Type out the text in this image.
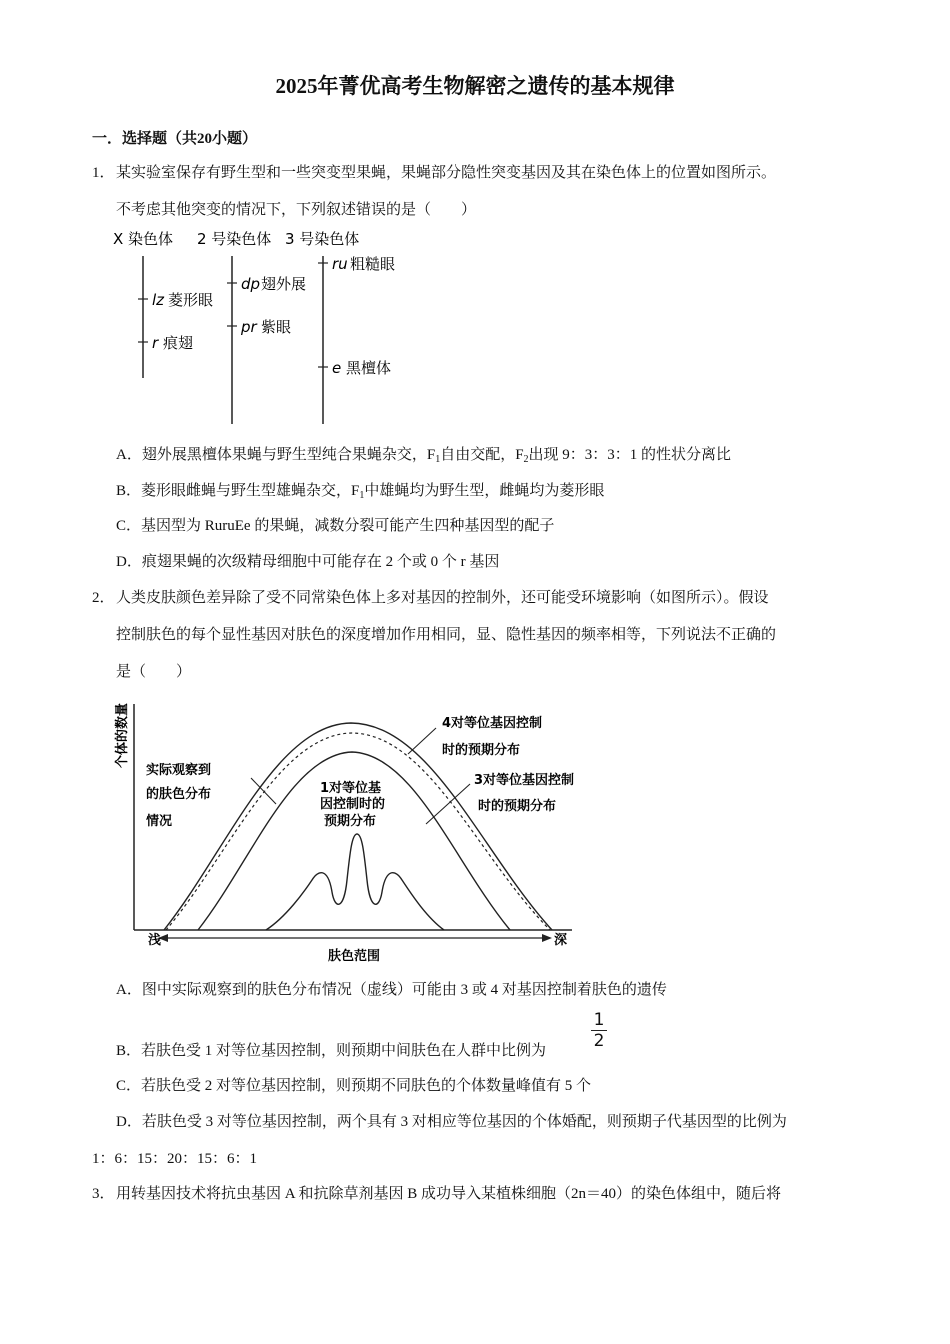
2025年菁优高考生物解密之遗传的基本规律
一．选择题（共20小题）
1． 某实验室保存有野生型和一些突变型果蝇，果蝇部分隐性突变基因及其在染色体上的位置如图所示。
不考虑其他突变的情况下，下列叙述错误的是（　　）
X 染色体 2 号染色体 3 号染色体
lz 菱形眼
r 痕翅
dp 翅外展
pr 紫眼
ru 粗糙眼
e 黑檀体
A．翅外展黑檀体果蝇与野生型纯合果蝇杂交，$F_1$自由交配，$F_2$出现 9：3：3：1 的性状分离比
B．菱形眼雌蝇与野生型雄蝇杂交，$F_1$中雄蝇均为野生型，雌蝇均为菱形眼
C．基因型为 RuruEe 的果蝇，减数分裂可能产生四种基因型的配子
D．痕翅果蝇的次级精母细胞中可能存在 2 个或 0 个 r 基因
2． 人类皮肤颜色差异除了受不同常染色体上多对基因的控制外，还可能受环境影响（如图所示）。假设
控制肤色的每个显性基因对肤色的深度增加作用相同，显、隐性基因的频率相等，下列说法不正确的
是（　　）
个体的数量
浅	深
肤色范围
实际观察到
的肤色分布
情况
1对等位基
因控制时的
预期分布
4对等位基因控制
时的预期分布
3对等位基因控制
时的预期分布
A．图中实际观察到的肤色分布情况（虚线）可能由 3 或 4 对基因控制着肤色的遗传
B．若肤色受 1 对等位基因控制，则预期中间肤色在人群中比例为
1
2
C．若肤色受 2 对等位基因控制，则预期不同肤色的个体数量峰值有 5 个
D．若肤色受 3 对等位基因控制，两个具有 3 对相应等位基因的个体婚配，则预期子代基因型的比例为
1：6：15：20：15：6：1
3． 用转基因技术将抗虫基因 A 和抗除草剂基因 B 成功导入某植株细胞（2n＝40）的染色体组中，随后将
